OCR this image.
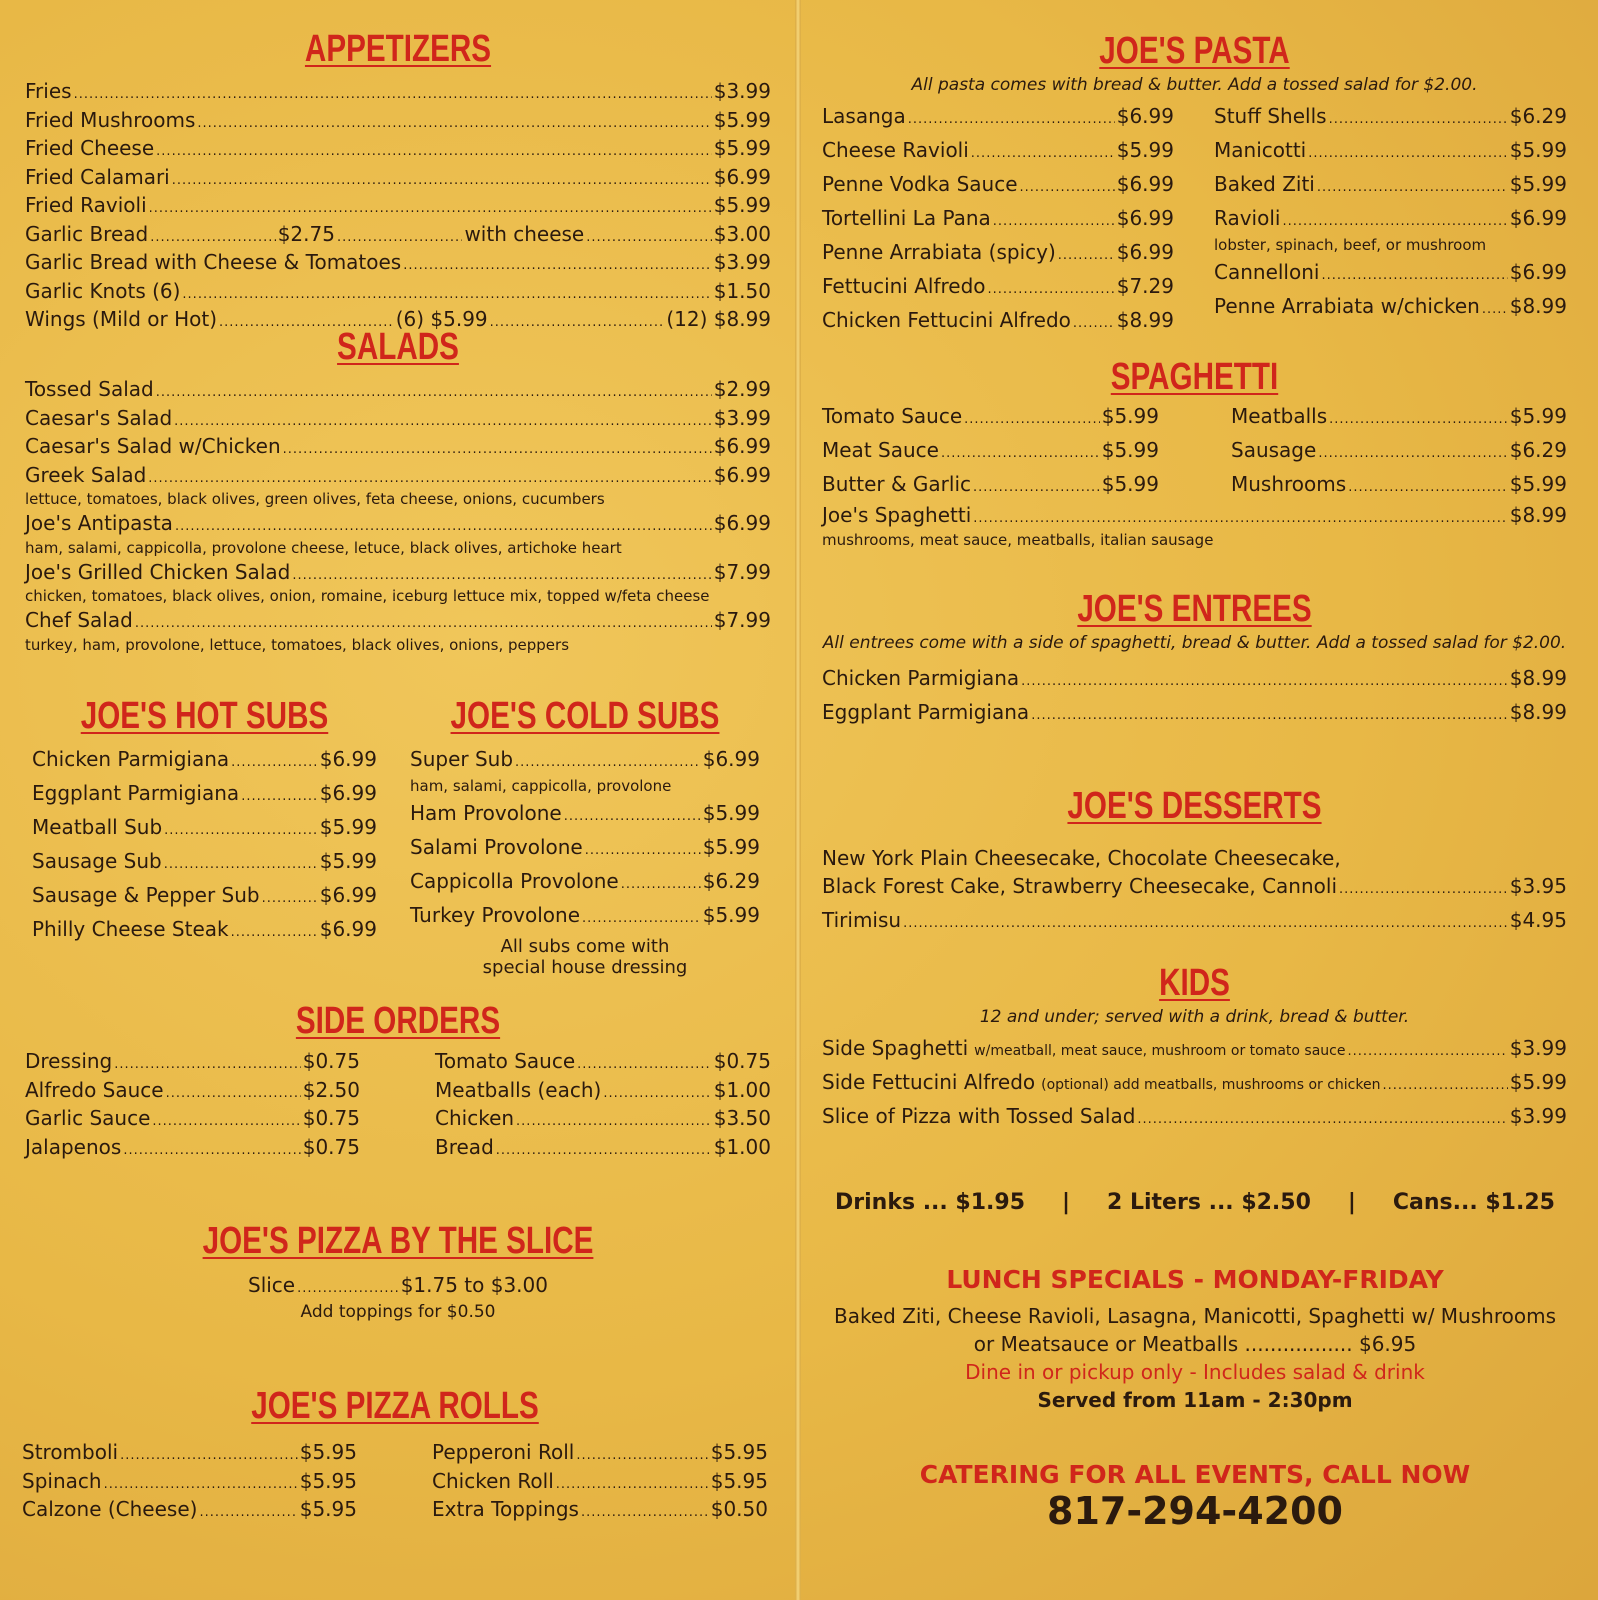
APPETIZERS
Fries .....	$3.99
Fried Mushrooms .....	$5.99
Fried Cheese .....	$5.99
Fried Calamari .....	$6.99
Fried Ravioli .....	$5.99
Garlic Bread .....	$2.75 .....	with cheese .....	$3.00
Garlic Bread with Cheese & Tomatoes .....	$3.99
Garlic Knots (6) .....	$1.50
Wings (Mild or Hot) .....	(6) $5.99 .....	(12) $8.99
SALADS
Tossed Salad .....	$2.99
Caesar's Salad .....	$3.99
Caesar's Salad w/Chicken .....	$6.99
Greek Salad .....	$6.99
lettuce, tomatoes, black olives, green olives, feta cheese, onions, cucumbers
Joe's Antipasta .....	$6.99
ham, salami, cappicolla, provolone cheese, letuce, black olives, artichoke heart
Joe's Grilled Chicken Salad .....	$7.99
chicken, tomatoes, black olives, onion, romaine, iceburg lettuce mix, topped w/feta cheese
Chef Salad .....	$7.99
turkey, ham, provolone, lettuce, tomatoes, black olives, onions, peppers
JOE'S HOT SUBS
Chicken Parmigiana .....	$6.99
Eggplant Parmigiana .....	$6.99
Meatball Sub .....	$5.99
Sausage Sub .....	$5.99
Sausage & Pepper Sub .....	$6.99
Philly Cheese Steak .....	$6.99
JOE'S COLD SUBS
Super Sub .....	$6.99
ham, salami, cappicolla, provolone
Ham Provolone .....	$5.99
Salami Provolone .....	$5.99
Cappicolla Provolone .....	$6.29
Turkey Provolone .....	$5.99
All subs come with special house dressing
SIDE ORDERS
Dressing .....	$0.75
Alfredo Sauce .....	$2.50
Garlic Sauce .....	$0.75
Jalapenos .....	$0.75
Tomato Sauce .....	$0.75
Meatballs (each) .....	$1.00
Chicken .....	$3.50
Bread .....	$1.00
JOE'S PIZZA BY THE SLICE
Slice .....	$1.75 to $3.00
Add toppings for $0.50
JOE'S PIZZA ROLLS
Stromboli .....	$5.95
Spinach .....	$5.95
Calzone (Cheese) .....	$5.95
Pepperoni Roll .....	$5.95
Chicken Roll .....	$5.95
Extra Toppings .....	$0.50
JOE'S PASTA
All pasta comes with bread & butter. Add a tossed salad for $2.00.
Lasanga .....	$6.99
Cheese Ravioli .....	$5.99
Penne Vodka Sauce .....	$6.99
Tortellini La Pana .....	$6.99
Penne Arrabiata (spicy) .....	$6.99
Fettucini Alfredo .....	$7.29
Chicken Fettucini Alfredo ..... $8.99
Stuff Shells .....	$6.29
Manicotti .....	$5.99
Baked Ziti .....	$5.99
Ravioli .....	$6.99
lobster, spinach, beef, or mushroom
Cannelloni .....	$6.99
Penne Arrabiata w/chicken ..... $8.99
SPAGHETTI
Tomato Sauce .....	$5.99
Meat Sauce .....	$5.99
Butter & Garlic .....	$5.99
Meatballs .....	$5.99
Sausage .....	$6.29
Mushrooms .....	$5.99
Joe's Spaghetti .....	$8.99
mushrooms, meat sauce, meatballs, italian sausage
JOE'S ENTREES
All entrees come with a side of spaghetti, bread & butter. Add a tossed salad for $2.00.
Chicken Parmigiana .....	$8.99
Eggplant Parmigiana .....	$8.99
JOE'S DESSERTS
New York Plain Cheesecake, Chocolate Cheesecake,
Black Forest Cake, Strawberry Cheesecake, Cannoli .....	$3.95
Tirimisu .....	$4.95
KIDS
12 and under; served with a drink, bread & butter.
Side Spaghetti w/meatball, meat sauce, mushroom or tomato sauce .....	$3.99
Side Fettucini Alfredo (optional) add meatballs, mushrooms or chicken .....	$5.99
Slice of Pizza with Tossed Salad .....	$3.99
Drinks ... $1.95 | 2 Liters ... $2.50 | Cans... $1.25
LUNCH SPECIALS - MONDAY-FRIDAY
Baked Ziti, Cheese Ravioli, Lasagna, Manicotti, Spaghetti w/ Mushrooms
or Meatsauce or Meatballs ................. $6.95
Dine in or pickup only - Includes salad & drink
Served from 11am - 2:30pm
CATERING FOR ALL EVENTS, CALL NOW
817-294-4200
